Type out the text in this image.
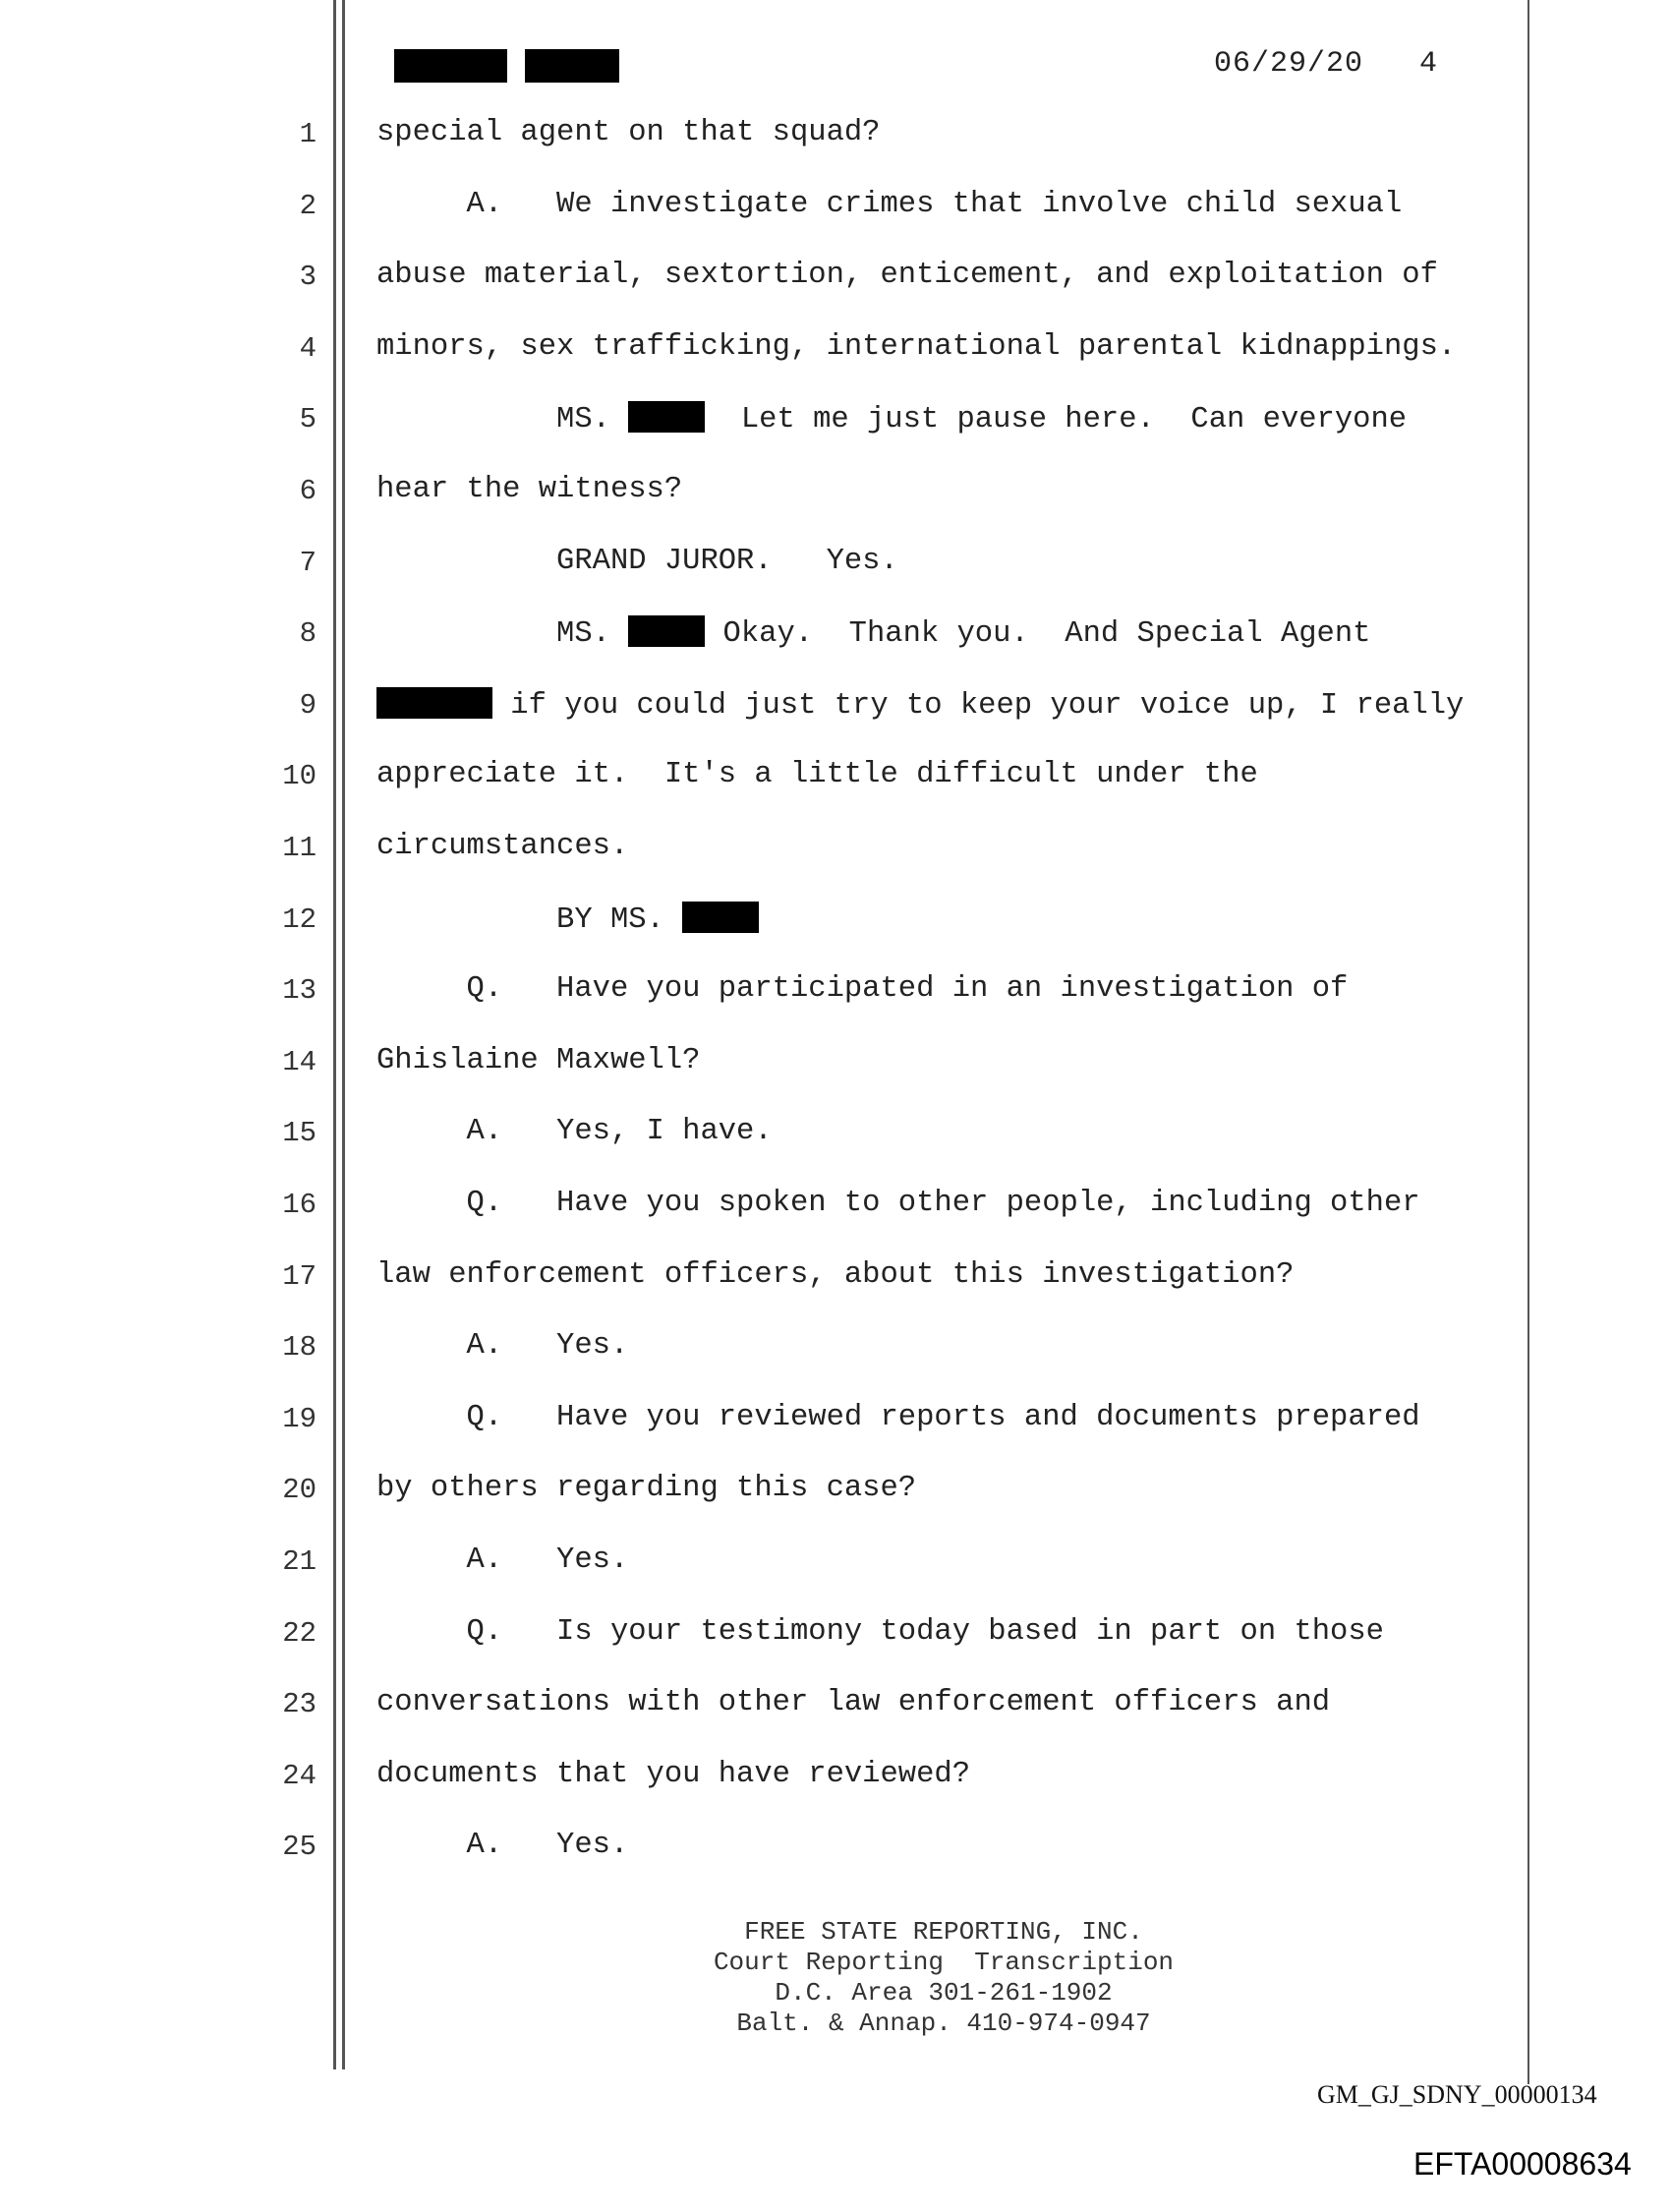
06/29/20 4
1 special agent on that squad?
2 A.   We investigate crimes that involve child sexual
3 abuse material, sextortion, enticement, and exploitation of
4 minors, sex trafficking, international parental kidnappings.
5 MS.	Let me just pause here.  Can everyone
6 hear the witness?
7 GRAND JUROR.   Yes.
8 MS.	Okay.  Thank you.  And Special Agent
9	if you could just try to keep your voice up, I really
10 appreciate it.  It's a little difficult under the
11 circumstances.
12 BY MS.
13 Q.   Have you participated in an investigation of
14 Ghislaine Maxwell?
15 A.   Yes, I have.
16 Q.   Have you spoken to other people, including other
17 law enforcement officers, about this investigation?
18 A.   Yes.
19 Q.   Have you reviewed reports and documents prepared
20 by others regarding this case?
21 A.   Yes.
22 Q.   Is your testimony today based in part on those
23 conversations with other law enforcement officers and
24 documents that you have reviewed?
25 A.   Yes.
FREE STATE REPORTING, INC.
Court Reporting  Transcription
D.C. Area 301-261-1902
Balt. & Annap. 410-974-0947
GM_GJ_SDNY_00000134
EFTA00008634
